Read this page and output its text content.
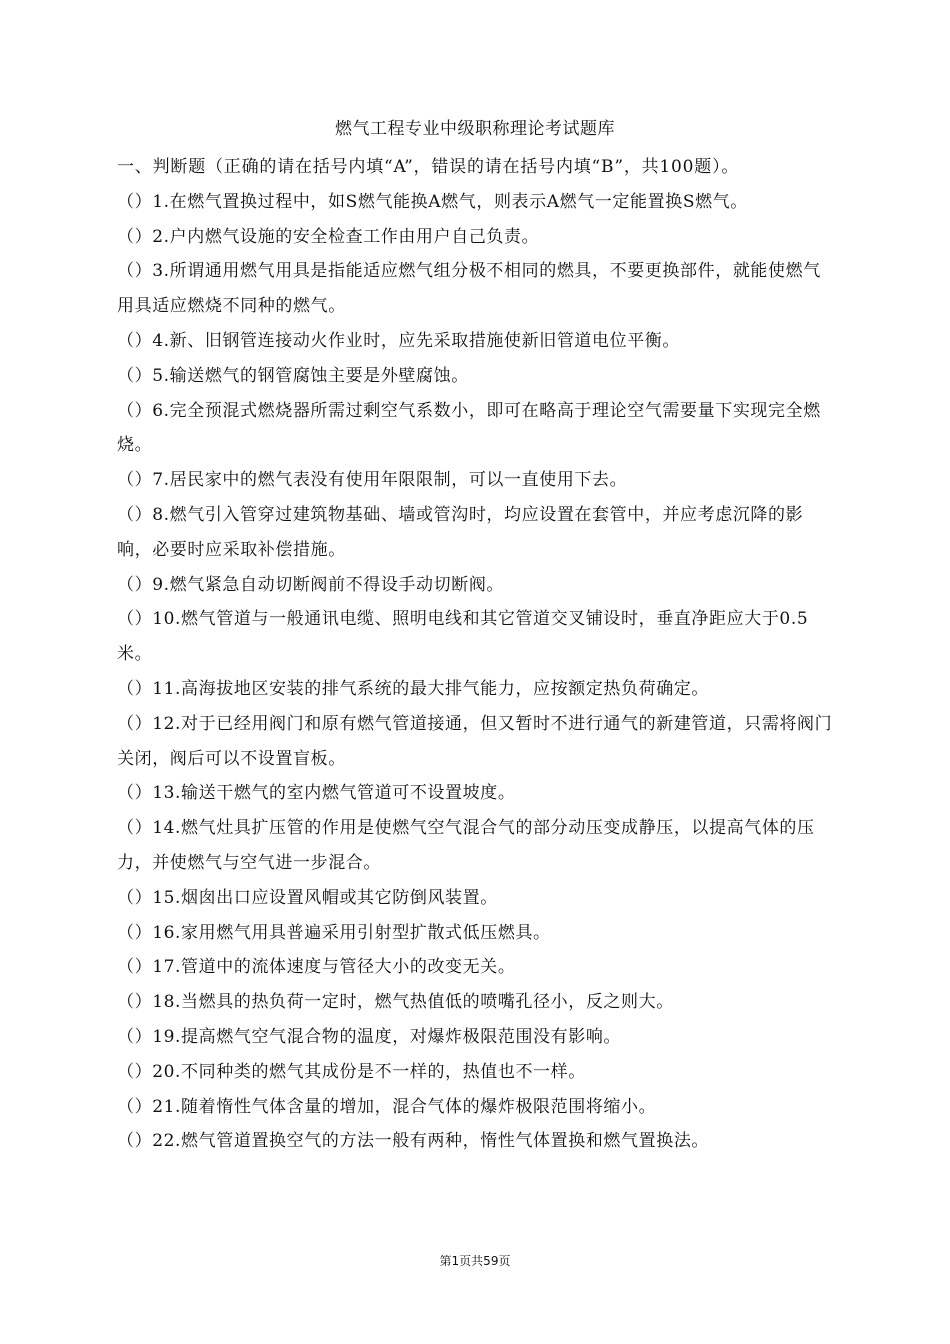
燃气工程专业中级职称理论考试题库

一、判断题（正确的请在括号内填“A”，错误的请在括号内填“B”，共100题）。

（）1.在燃气置换过程中，如S燃气能换A燃气，则表示A燃气一定能置换S燃气。

（）2.户内燃气设施的安全检查工作由用户自己负责。

（）3.所谓通用燃气用具是指能适应燃气组分极不相同的燃具，不要更换部件，就能使燃气用具适应燃烧不同种的燃气。

（）4.新、旧钢管连接动火作业时，应先采取措施使新旧管道电位平衡。

（）5.输送燃气的钢管腐蚀主要是外壁腐蚀。

（）6.完全预混式燃烧器所需过剩空气系数小，即可在略高于理论空气需要量下实现完全燃烧。

（）7.居民家中的燃气表没有使用年限限制，可以一直使用下去。

（）8.燃气引入管穿过建筑物基础、墙或管沟时，均应设置在套管中，并应考虑沉降的影响，必要时应采取补偿措施。

（）9.燃气紧急自动切断阀前不得设手动切断阀。

（）10.燃气管道与一般通讯电缆、照明电线和其它管道交叉铺设时，垂直净距应大于0.5米。

（）11.高海拔地区安装的排气系统的最大排气能力，应按额定热负荷确定。

（）12.对于已经用阀门和原有燃气管道接通，但又暂时不进行通气的新建管道，只需将阀门关闭，阀后可以不设置盲板。

（）13.输送干燃气的室内燃气管道可不设置坡度。

（）14.燃气灶具扩压管的作用是使燃气空气混合气的部分动压变成静压，以提高气体的压力，并使燃气与空气进一步混合。

（）15.烟囱出口应设置风帽或其它防倒风装置。

（）16.家用燃气用具普遍采用引射型扩散式低压燃具。

（）17.管道中的流体速度与管径大小的改变无关。

（）18.当燃具的热负荷一定时，燃气热值低的喷嘴孔径小，反之则大。

（）19.提高燃气空气混合物的温度，对爆炸极限范围没有影响。

（）20.不同种类的燃气其成份是不一样的，热值也不一样。

（）21.随着惰性气体含量的增加，混合气体的爆炸极限范围将缩小。

（）22.燃气管道置换空气的方法一般有两种，惰性气体置换和燃气置换法。

第1页共59页
